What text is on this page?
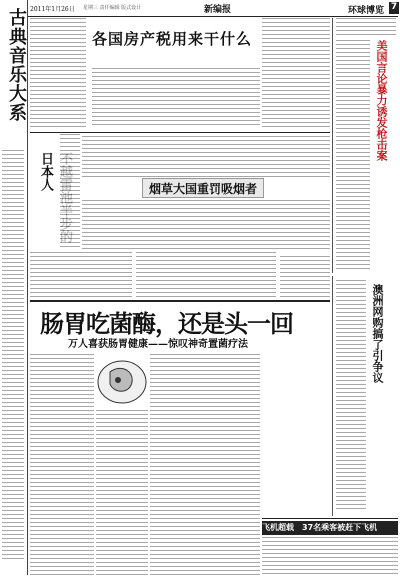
2011年1月26日 星期三 责任编辑 版式设计	新编报	环球博览 7
古典音乐大系	各国房产税用来干什么
美国言论暴力诱发枪击案
日本人	烟草大国重罚吸烟者
肠胃吃菌酶，还是头一回
万人喜获肠胃健康——惊叹神奇置菌疗法	澳洲网购搞了引争议
飞机超载　37名乘客被赶下飞机
